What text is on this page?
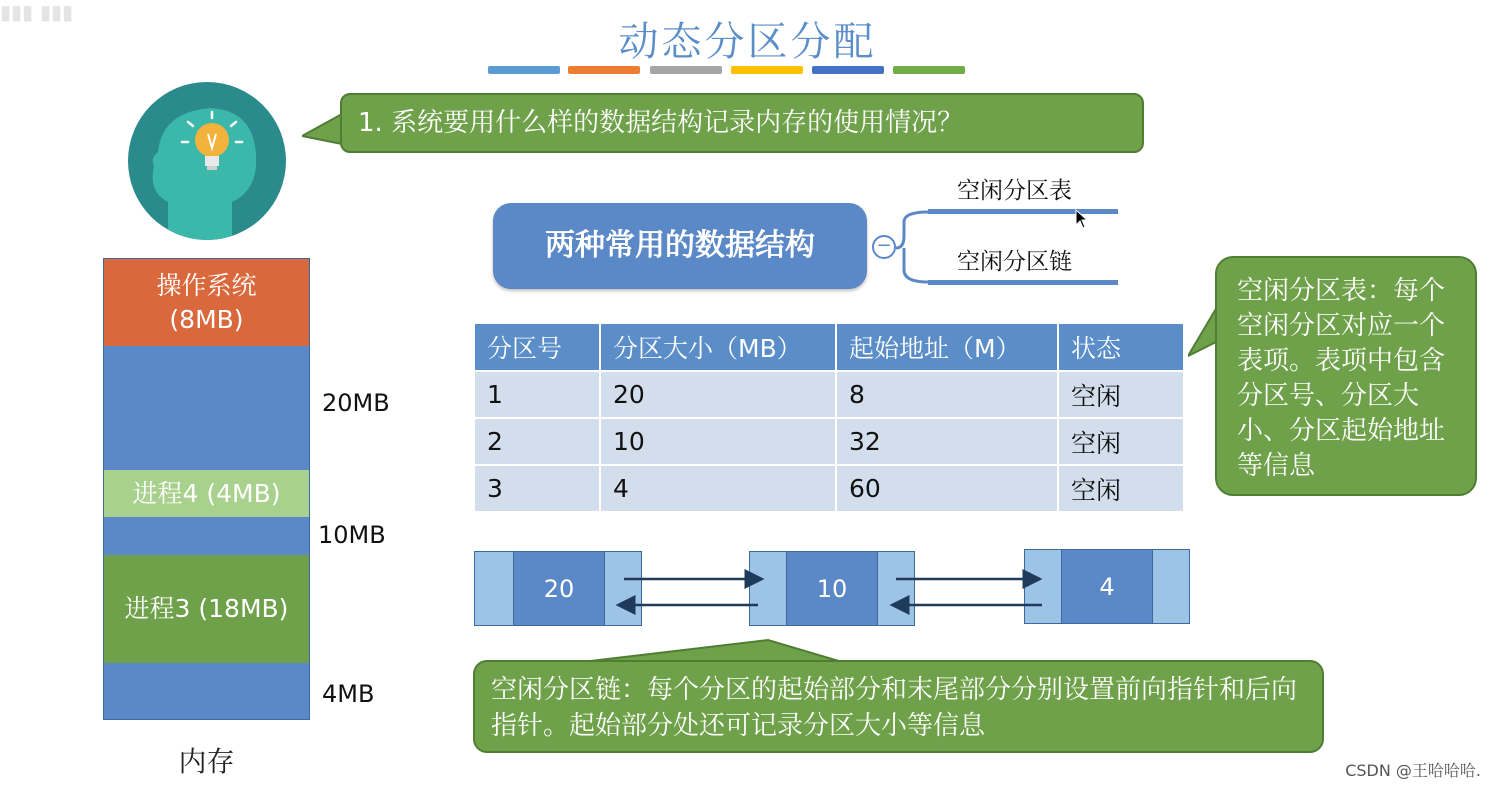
▮▮▮ ▮▮▮
动态分区分配
1. 系统要用什么样的数据结构记录内存的使用情况？
操作系统
(8MB)
进程4 (4MB)
进程3 (18MB)
20MB
10MB
4MB
内存
两种常用的数据结构	−
空闲分区表
空闲分区链
分区号	分区大小（MB）	起始地址（M）	状态
1	20	8	空闲
2	10	32	空闲
3	4	60	空闲
空闲分区表：每个空闲分区对应一个表项。表项中包含分区号、分区大小、分区起始地址等信息
20	10	4
空闲分区链：每个分区的起始部分和末尾部分分别设置前向指针和后向指针。起始部分处还可记录分区大小等信息
CSDN @王哈哈哈.
